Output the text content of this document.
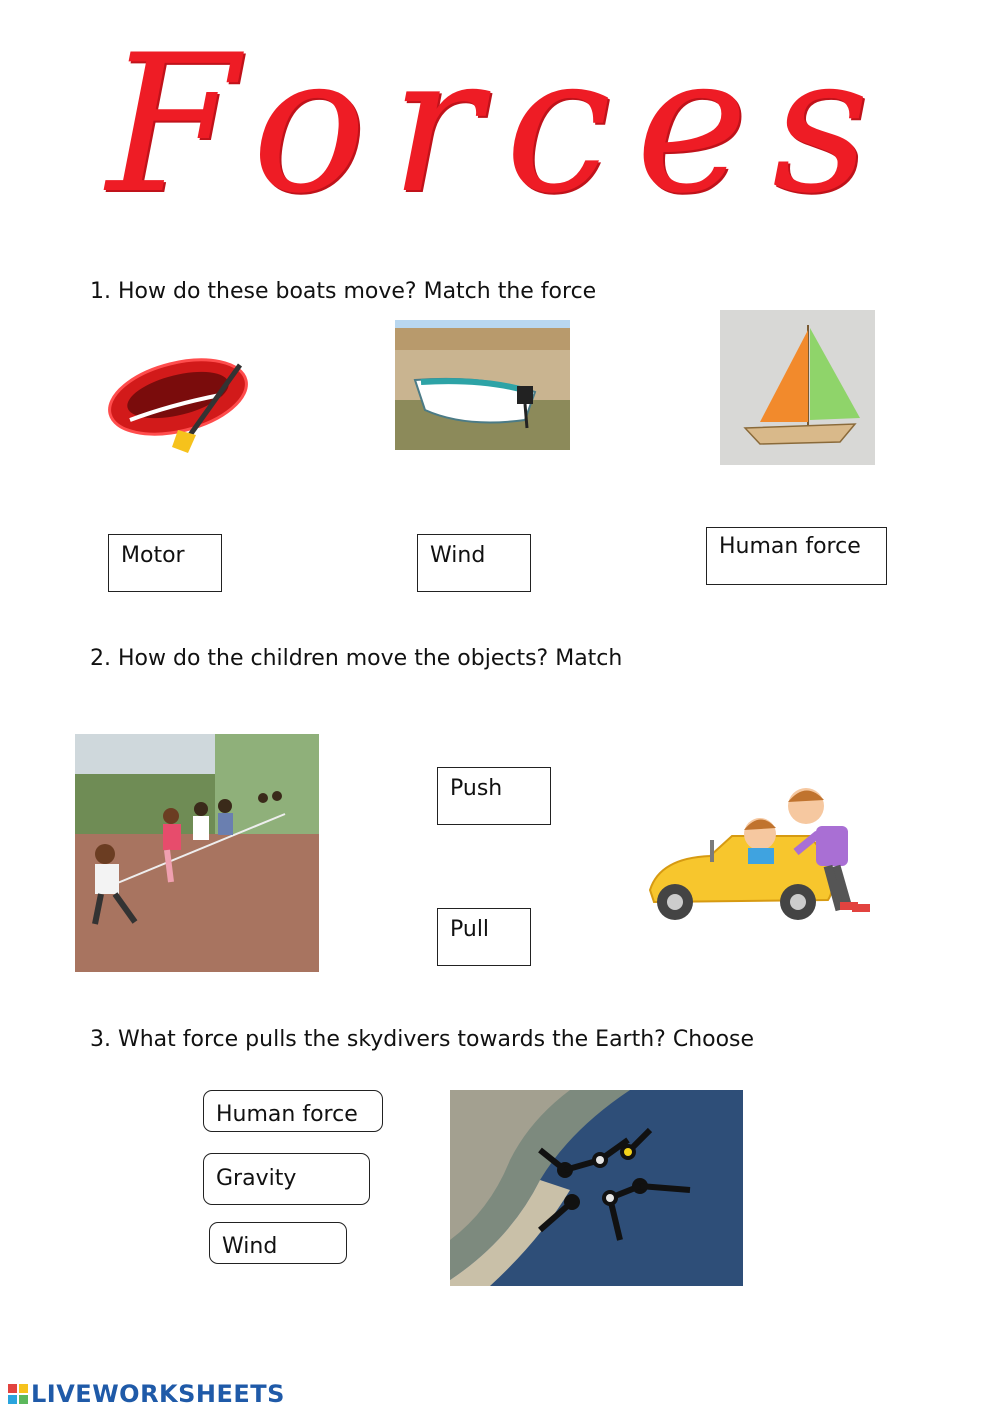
Forces
1. How do these boats move? Match the force
Motor	Wind	Human force
2. How do the children move the objects? Match
Push
Pull
3. What force pulls the skydivers towards the Earth? Choose
Human force
Gravity
Wind
LIVEWORKSHEETS
